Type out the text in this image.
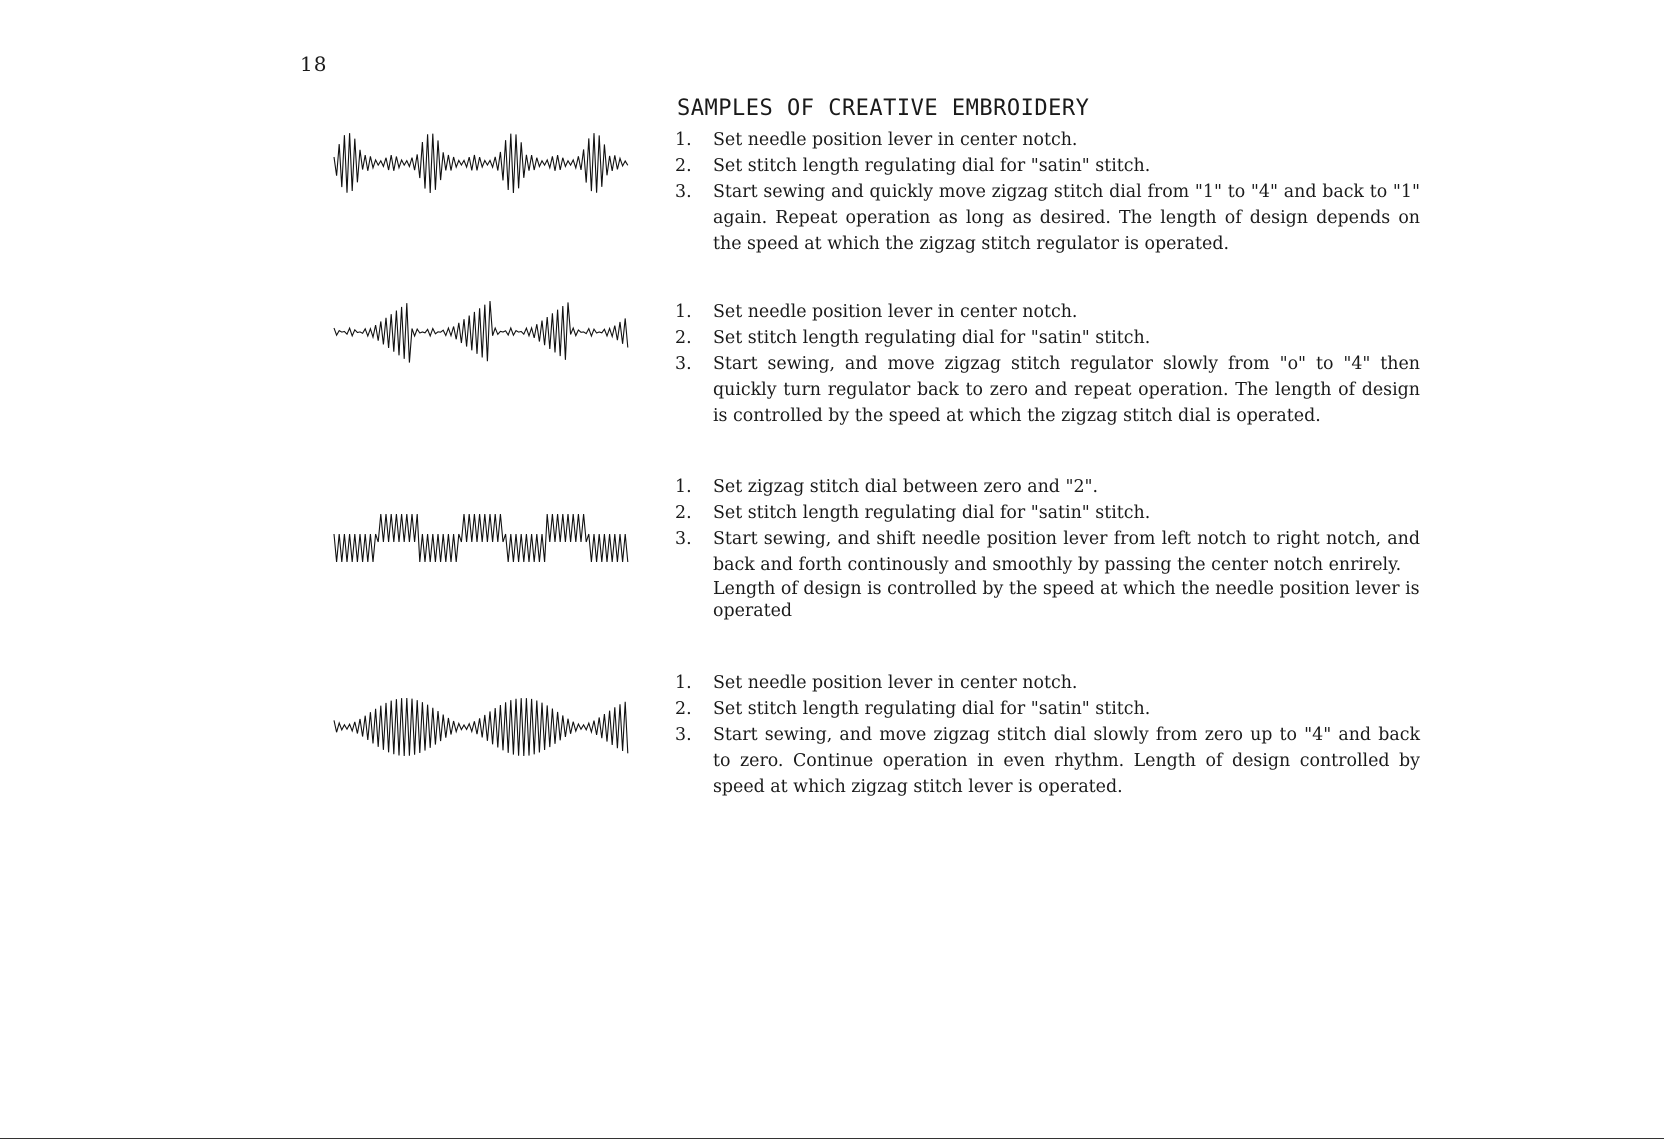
18
SAMPLES OF CREATIVE EMBROIDERY
1.	Set needle position lever in center notch.
2.	Set stitch length regulating dial for "satin" stitch.
3.	Start sewing and quickly move zigzag stitch dial from "1" to "4" and back to "1" again. Repeat operation as long as desired. The length of design depends on the speed at which the zigzag stitch regulator is operated.
1.	Set needle position lever in center notch.
2.	Set stitch length regulating dial for "satin" stitch.
3.	Start sewing, and move zigzag stitch regulator slowly from "o" to "4" then quickly turn regulator back to zero and repeat operation. The length of design is controlled by the speed at which the zigzag stitch dial is operated.
1.	Set zigzag stitch dial between zero and "2".
2.	Set stitch length regulating dial for "satin" stitch.
3.	Start sewing, and shift needle position lever from left notch to right notch, and back and forth continously and smoothly by passing the center notch enrirely.
Length of design is controlled by the speed at which the needle position lever is operated
1.	Set needle position lever in center notch.
2.	Set stitch length regulating dial for "satin" stitch.
3.	Start sewing, and move zigzag stitch dial slowly from zero up to "4" and back to zero. Continue operation in even rhythm. Length of design controlled by speed at which zigzag stitch lever is operated.
